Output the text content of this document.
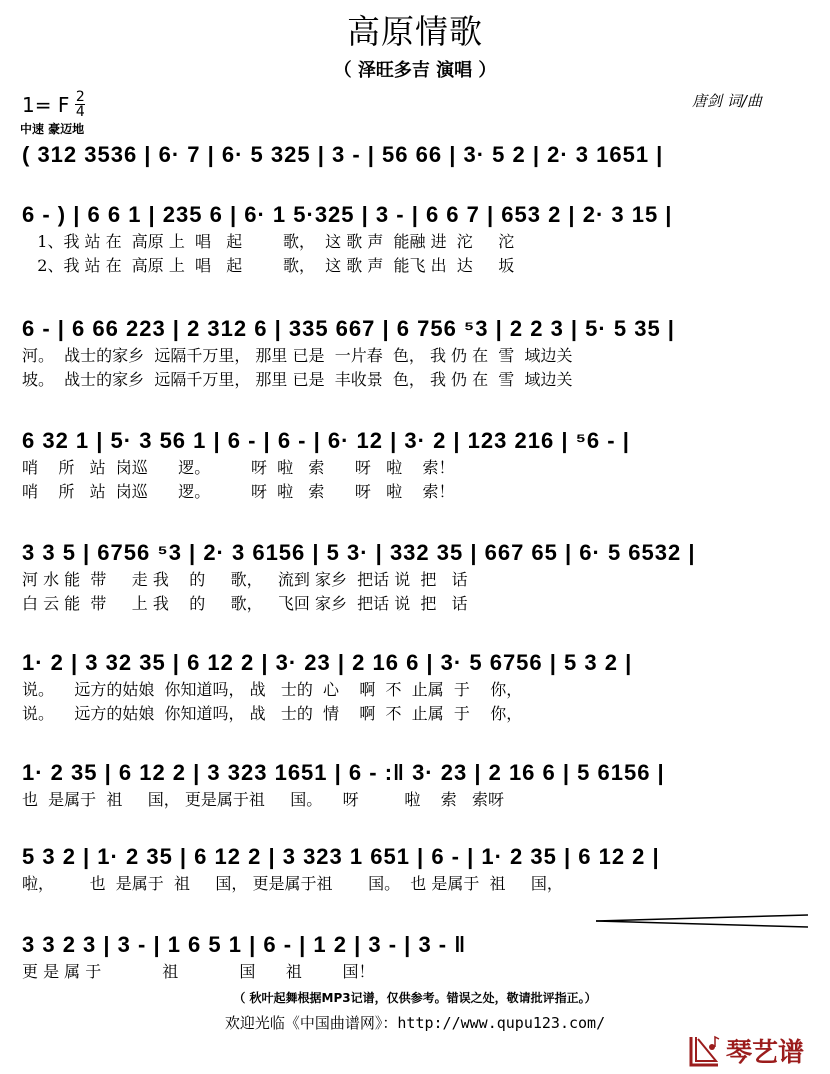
高原情歌
（ 泽旺多吉 演唱 ）
1= F $\frac{2}{4}$
中速 豪迈地
唐剑 词/曲
( 312 3536 | 6· 7 | 6· 5 325 | 3 - | 56 66 | 3· 5 2 | 2· 3 1651 |
6 - ) | 6 6 1 | 235 6 | 6· 1 5·325 | 3 - | 6 6 7 | 653 2 | 2· 3 15 |
1、我 站 在  高原 上  唱   起        歌，  这 歌 声  能融 进  沱     沱
2、我 站 在  高原 上  唱   起        歌，  这 歌 声  能飞 出  达     坂
6 - | 6 66 223 | 2 312 6 | 335 667 | 6 756 ⁵3 | 2 2 3 | 5· 5 35 |
河。  战士的家乡  远隔千万里， 那里 已是  一片春  色， 我 仍 在  雪  域边关
坡。  战士的家乡  远隔千万里， 那里 已是  丰收景  色， 我 仍 在  雪  域边关
6 32 1 | 5· 3 56 1 | 6 - | 6 - | 6· 12 | 3· 2 | 123 216 | ⁵6 - |
哨    所   站  岗巡      逻。        呀  啦   索      呀   啦    索！
哨    所   站  岗巡      逻。        呀  啦   索      呀   啦    索！
3 3 5 | 6756 ⁵3 | 2· 3 6156 | 5 3· | 332 35 | 667 65 | 6· 5 6532 |
河 水 能  带     走 我    的     歌，   流到 家乡  把话 说  把   话
白 云 能  带     上 我    的     歌，   飞回 家乡  把话 说  把   话
1· 2 | 3 32 35 | 6 12 2 | 3· 23 | 2 16 6 | 3· 5 6756 | 5 3 2 |
说。    远方的姑娘  你知道吗， 战   士的  心    啊  不  止属  于    你，
说。    远方的姑娘  你知道吗， 战   士的  情    啊  不  止属  于    你，
1· 2 35 | 6 12 2 | 3 323 1651 | 6 - :‖ 3· 23 | 2 16 6 | 5 6156 |
也  是属于  祖     国， 更是属于祖     国。    呀         啦    索   索呀
5 3 2 | 1· 2 35 | 6 12 2 | 3 323 1 651 | 6 - | 1· 2 35 | 6 12 2 |
啦，       也  是属于  祖     国， 更是属于祖       国。  也 是属于  祖     国，
3 3 2 3 | 3 - | 1 6 5 1 | 6 - | 1 2 | 3 - | 3 - ‖
更 是 属 于            祖            国      祖        国！
（ 秋叶起舞根据MP3记谱，仅供参考。错误之处，敬请批评指正。）
欢迎光临《中国曲谱网》：http://www.qupu123.com/
琴艺谱
